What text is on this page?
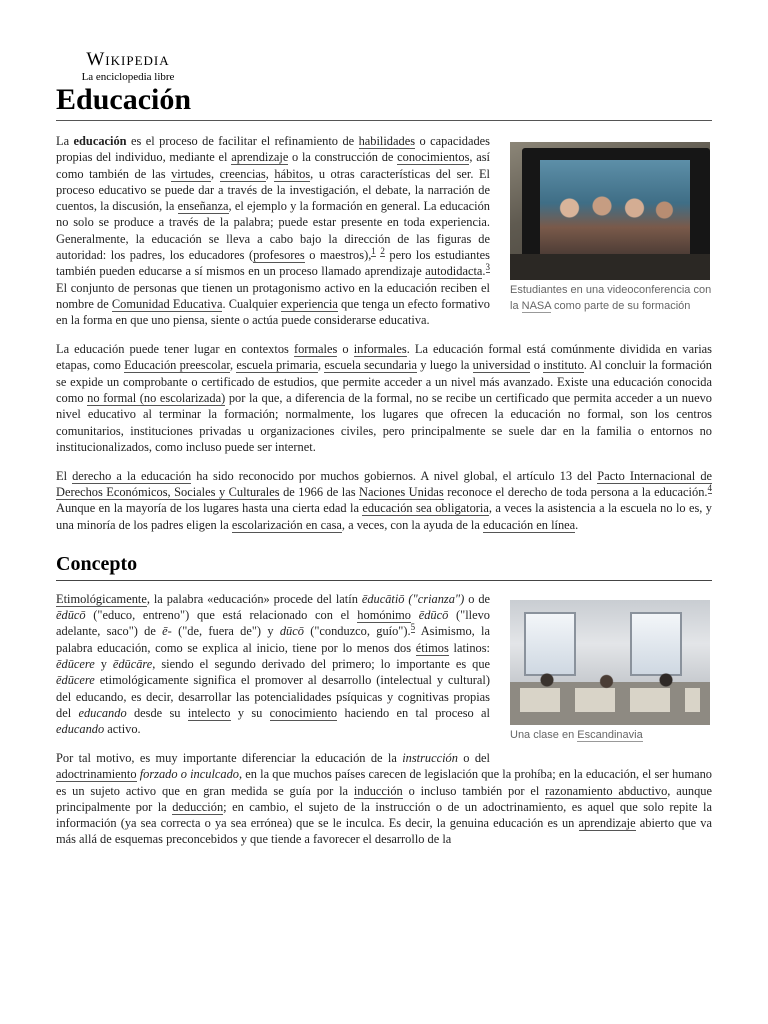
Wikipedia
La enciclopedia libre
Educación
Estudiantes en una videoconferencia con la NASA como parte de su formación

La educación es el proceso de facilitar el refinamiento de habilidades o capacidades propias del individuo, mediante el aprendizaje o la construcción de conocimientos, así como también de las virtudes, creencias, hábitos, u otras características del ser. El proceso educativo se puede dar a través de la investigación, el debate, la narración de cuentos, la discusión, la enseñanza, el ejemplo y la formación en general. La educación no solo se produce a través de la palabra; puede estar presente en toda experiencia. Generalmente, la educación se lleva a cabo bajo la dirección de las figuras de autoridad: los padres, los educadores (profesores o maestros),$^1$ $^2$ pero los estudiantes también pueden educarse a sí mismos en un proceso llamado aprendizaje autodidacta.$^3$ El conjunto de personas que tienen un protagonismo activo en la educación reciben el nombre de Comunidad Educativa. Cualquier experiencia que tenga un efecto formativo en la forma en que uno piensa, siente o actúa puede considerarse educativa.

La educación puede tener lugar en contextos formales o informales. La educación formal está comúnmente dividida en varias etapas, como Educación preescolar, escuela primaria, escuela secundaria y luego la universidad o instituto. Al concluir la formación se expide un comprobante o certificado de estudios, que permite acceder a un nivel más avanzado. Existe una educación conocida como no formal (no escolarizada) por la que, a diferencia de la formal, no se recibe un certificado que permita acceder a un nuevo nivel educativo al terminar la formación; normalmente, los lugares que ofrecen la educación no formal, son los centros comunitarios, instituciones privadas u organizaciones civiles, pero principalmente se suele dar en la familia o entornos no institucionalizados, como incluso puede ser internet.

El derecho a la educación ha sido reconocido por muchos gobiernos. A nivel global, el artículo 13 del Pacto Internacional de Derechos Económicos, Sociales y Culturales de 1966 de las Naciones Unidas reconoce el derecho de toda persona a la educación.$^4$ Aunque en la mayoría de los lugares hasta una cierta edad la educación sea obligatoria, a veces la asistencia a la escuela no lo es, y una minoría de los padres eligen la escolarización en casa, a veces, con la ayuda de la educación en línea.

Concepto
Una clase en Escandinavia

Etimológicamente, la palabra «educación» procede del latín ēducātiō ("crianza") o de ēdūcō ("educo, entreno") que está relacionado con el homónimo ēdūcō ("llevo adelante, saco") de ē- ("de, fuera de") y dūcō ("conduzco, guío").$^5$ Asimismo, la palabra educación, como se explica al inicio, tiene por lo menos dos étimos latinos: ēdūcere y ēdūcāre, siendo el segundo derivado del primero; lo importante es que ēdūcere etimológicamente significa el promover al desarrollo (intelectual y cultural) del educando, es decir, desarrollar las potencialidades psíquicas y cognitivas propias del educando desde su intelecto y su conocimiento haciendo en tal proceso al educando activo.

Por tal motivo, es muy importante diferenciar la educación de la instrucción o del adoctrinamiento forzado o inculcado, en la que muchos países carecen de legislación que la prohíba; en la educación, el ser humano es un sujeto activo que en gran medida se guía por la inducción o incluso también por el razonamiento abductivo, aunque principalmente por la deducción; en cambio, el sujeto de la instrucción o de un adoctrinamiento, es aquel que solo repite la información (ya sea correcta o ya sea errónea) que se le inculca. Es decir, la genuina educación es un aprendizaje abierto que va más allá de esquemas preconcebidos y que tiende a favorecer el desarrollo de la
